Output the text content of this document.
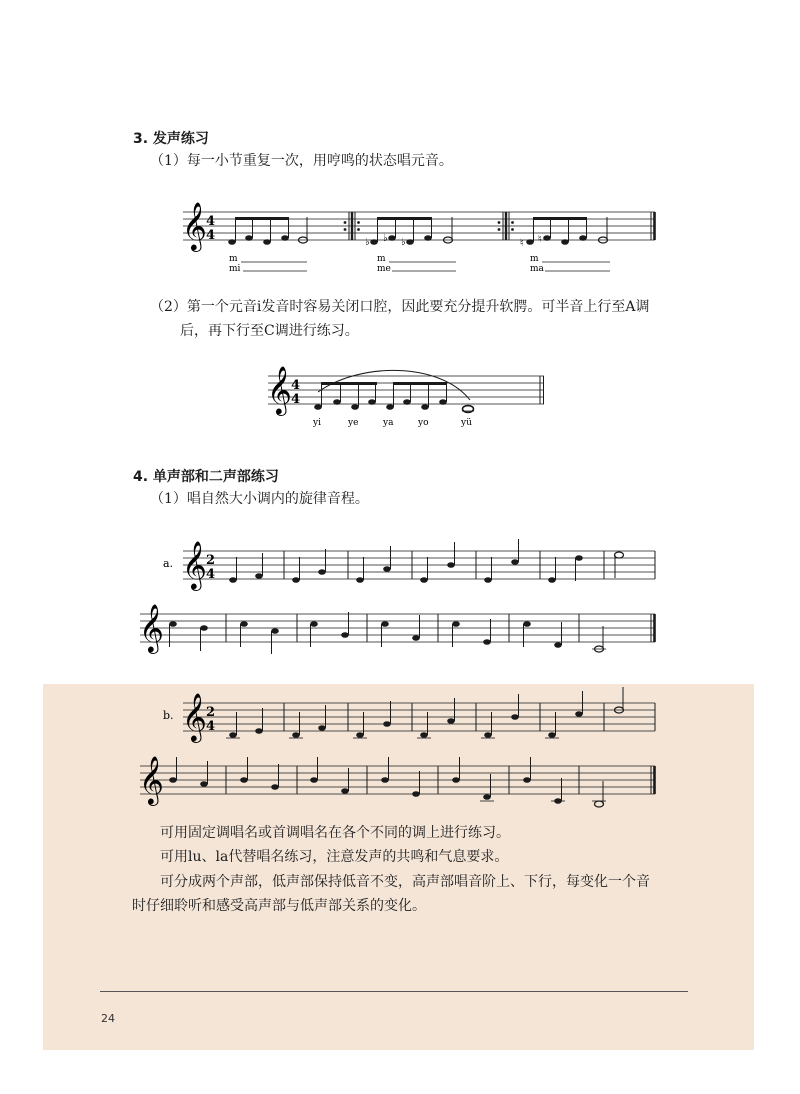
3. 发声练习
（1）每一小节重复一次，用哼鸣的状态唱元音。
𝄞 4
4	♭ ♭ ♭	♮ ♮
m
mi
m
me
m
ma
（2）第一个元音i发音时容易关闭口腔，因此要充分提升软腭。可半音上行至A调
后，再下行至C调进行练习。
𝄞 4
4
yi	ye	ya	yo	yü
4. 单声部和二声部练习
（1）唱自然大小调内的旋律音程。
a. 𝄞 2
4
𝄞
b. 𝄞 2
4
𝄞
可用固定调唱名或首调唱名在各个不同的调上进行练习。
可用lu、la代替唱名练习，注意发声的共鸣和气息要求。
可分成两个声部，低声部保持低音不变，高声部唱音阶上、下行，每变化一个音
时仔细聆听和感受高声部与低声部关系的变化。
24
